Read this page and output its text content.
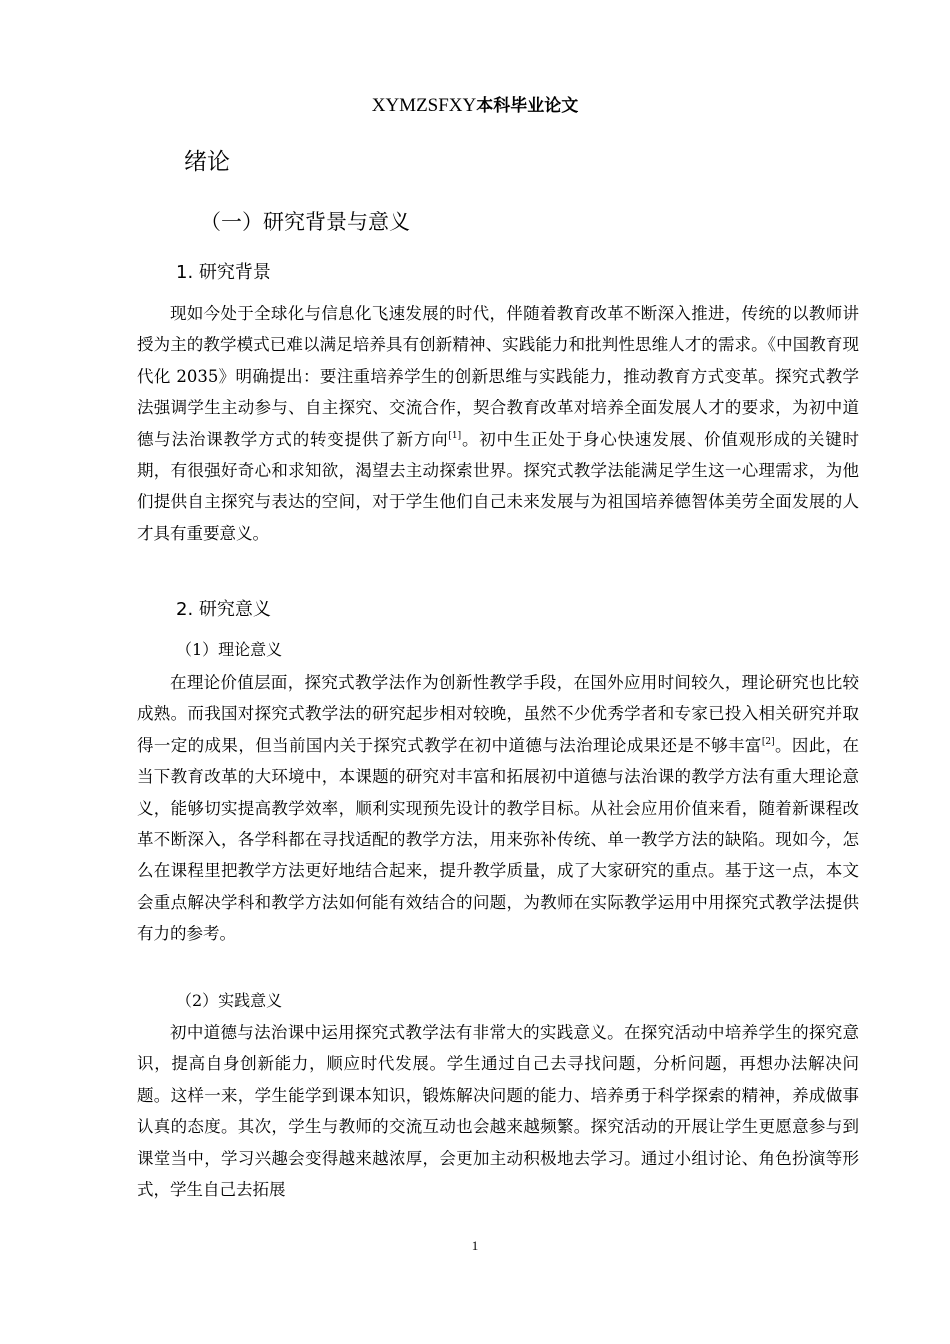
XYMZSFXY本科毕业论文
绪论
（一）研究背景与意义
1. 研究背景

现如今处于全球化与信息化飞速发展的时代，伴随着教育改革不断深入推进，传统的以教师讲授为主的教学模式已难以满足培养具有创新精神、实践能力和批判性思维人才的需求。《中国教育现代化 2035》明确提出：要注重培养学生的创新思维与实践能力，推动教育方式变革。探究式教学法强调学生主动参与、自主探究、交流合作，契合教育改革对培养全面发展人才的要求，为初中道德与法治课教学方式的转变提供了新方向[1]。初中生正处于身心快速发展、价值观形成的关键时期，有很强好奇心和求知欲，渴望去主动探索世界。探究式教学法能满足学生这一心理需求，为他们提供自主探究与表达的空间，对于学生他们自己未来发展与为祖国培养德智体美劳全面发展的人才具有重要意义。

2. 研究意义
（1）理论意义

在理论价值层面，探究式教学法作为创新性教学手段，在国外应用时间较久，理论研究也比较成熟。而我国对探究式教学法的研究起步相对较晚，虽然不少优秀学者和专家已投入相关研究并取得一定的成果，但当前国内关于探究式教学在初中道德与法治理论成果还是不够丰富[2]。因此，在当下教育改革的大环境中，本课题的研究对丰富和拓展初中道德与法治课的教学方法有重大理论意义，能够切实提高教学效率，顺利实现预先设计的教学目标。从社会应用价值来看，随着新课程改革不断深入，各学科都在寻找适配的教学方法，用来弥补传统、单一教学方法的缺陷。现如今，怎么在课程里把教学方法更好地结合起来，提升教学质量，成了大家研究的重点。基于这一点，本文会重点解决学科和教学方法如何能有效结合的问题，为教师在实际教学运用中用探究式教学法提供有力的参考。

（2）实践意义

初中道德与法治课中运用探究式教学法有非常大的实践意义。在探究活动中培养学生的探究意识，提高自身创新能力，顺应时代发展。学生通过自己去寻找问题，分析问题，再想办法解决问题。这样一来，学生能学到课本知识，锻炼解决问题的能力、培养勇于科学探索的精神，养成做事认真的态度。其次，学生与教师的交流互动也会越来越频繁。探究活动的开展让学生更愿意参与到课堂当中，学习兴趣会变得越来越浓厚，会更加主动积极地去学习。通过小组讨论、角色扮演等形式，学生自己去拓展

1
